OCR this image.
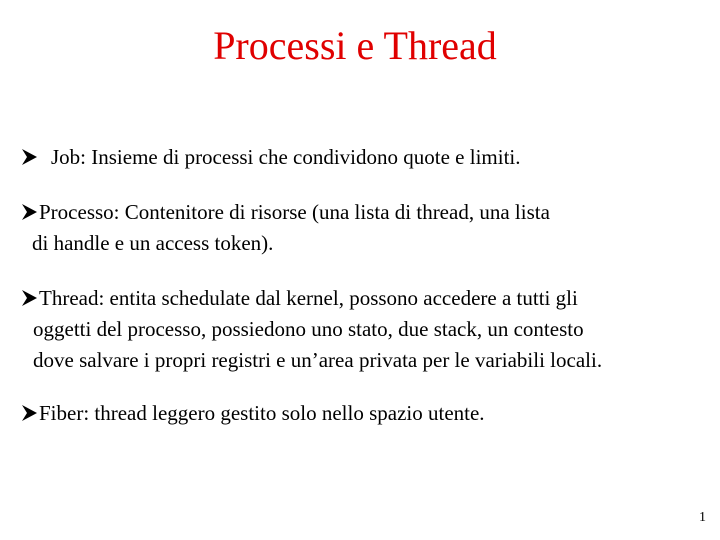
Processi e Thread
Job: Insieme di processi che condividono quote e limiti.
Processo: Contenitore di risorse (una lista di thread, una lista
di handle e un access token).
Thread: entita schedulate dal kernel, possono accedere a tutti gli
oggetti del processo, possiedono uno stato, due stack, un contesto
dove salvare i propri registri e un’area privata per le variabili locali.
Fiber: thread leggero gestito solo nello spazio utente.
1
